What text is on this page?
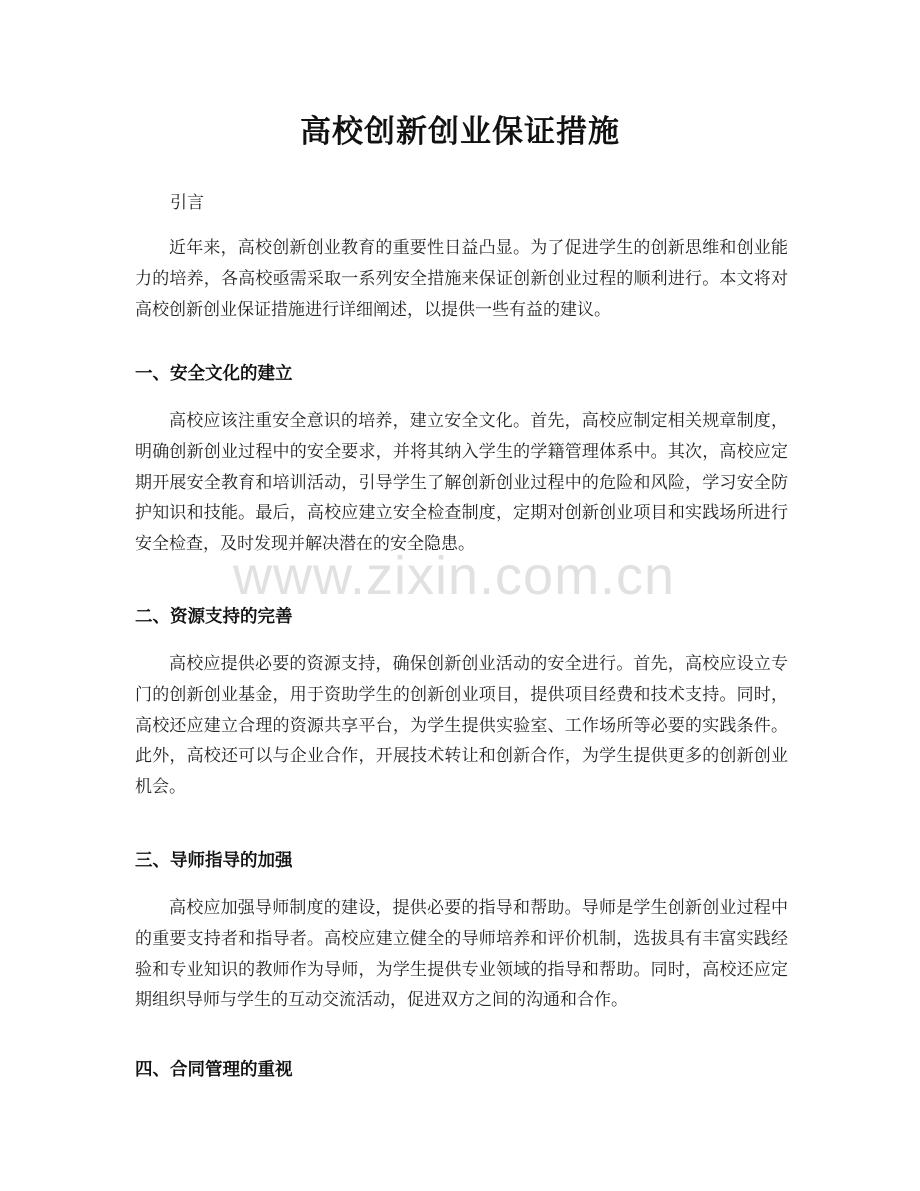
高校创新创业保证措施
引言

近年来，高校创新创业教育的重要性日益凸显。为了促进学生的创新思维和创业能力的培养，各高校亟需采取一系列安全措施来保证创新创业过程的顺利进行。本文将对高校创新创业保证措施进行详细阐述，以提供一些有益的建议。

一、安全文化的建立

高校应该注重安全意识的培养，建立安全文化。首先，高校应制定相关规章制度，明确创新创业过程中的安全要求，并将其纳入学生的学籍管理体系中。其次，高校应定期开展安全教育和培训活动，引导学生了解创新创业过程中的危险和风险，学习安全防护知识和技能。最后，高校应建立安全检查制度，定期对创新创业项目和实践场所进行安全检查，及时发现并解决潜在的安全隐患。

二、资源支持的完善

高校应提供必要的资源支持，确保创新创业活动的安全进行。首先，高校应设立专门的创新创业基金，用于资助学生的创新创业项目，提供项目经费和技术支持。同时，高校还应建立合理的资源共享平台，为学生提供实验室、工作场所等必要的实践条件。此外，高校还可以与企业合作，开展技术转让和创新合作，为学生提供更多的创新创业机会。

三、导师指导的加强

高校应加强导师制度的建设，提供必要的指导和帮助。导师是学生创新创业过程中的重要支持者和指导者。高校应建立健全的导师培养和评价机制，选拔具有丰富实践经验和专业知识的教师作为导师，为学生提供专业领域的指导和帮助。同时，高校还应定期组织导师与学生的互动交流活动，促进双方之间的沟通和合作。

四、合同管理的重视
www.zixin.com.cn
